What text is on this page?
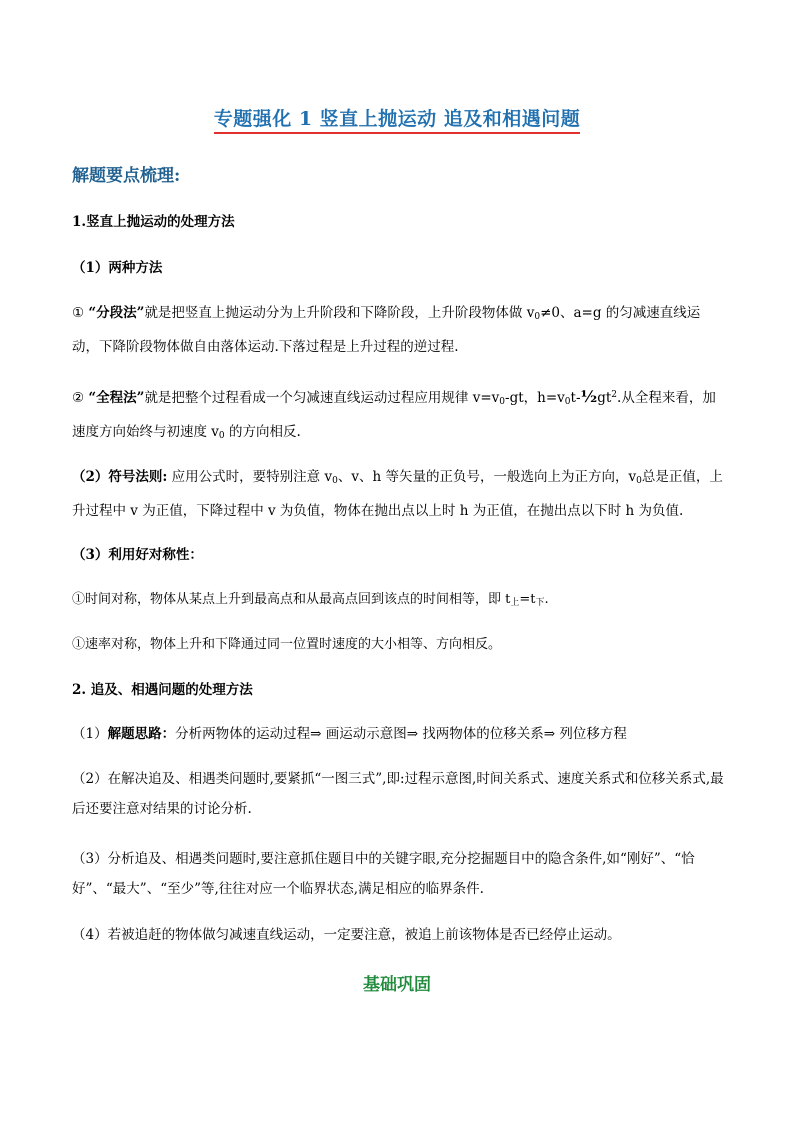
专题强化 1 竖直上抛运动 追及和相遇问题
解题要点梳理:
1.竖直上抛运动的处理方法
（1）两种方法
① “分段法”就是把竖直上抛运动分为上升阶段和下降阶段，上升阶段物体做 $v_0\ne 0$、a=g 的匀减速直线运动，下降阶段物体做自由落体运动.下落过程是上升过程的逆过程.
② “全程法”就是把整个过程看成一个匀减速直线运动过程应用规律 $v=v_0-gt$，$h=v_0t-\frac{1}{2}gt^2$.从全程来看，加速度方向始终与初速度 $v_0$ 的方向相反.
（2）符号法则: 应用公式时，要特别注意 $v_0$、v、h 等矢量的正负号，一般选向上为正方向，$v_0$总是正值，上升过程中 v 为正值，下降过程中 v 为负值，物体在抛出点以上时 h 为正值，在抛出点以下时 h 为负值.
（3）利用好对称性：
①时间对称，物体从某点上升到最高点和从最高点回到该点的时间相等，即 $t_上=t_下$.
①速率对称，物体上升和下降通过同一位置时速度的大小相等、方向相反。
2. 追及、相遇问题的处理方法
（1）解题思路：分析两物体的运动过程⇒ 画运动示意图⇒ 找两物体的位移关系⇒ 列位移方程
（2）在解决追及、相遇类问题时,要紧抓“一图三式”,即:过程示意图,时间关系式、速度关系式和位移关系式,最后还要注意对结果的讨论分析.
（3）分析追及、相遇类问题时,要注意抓住题目中的关键字眼,充分挖掘题目中的隐含条件,如“刚好”、“恰好”、“最大”、“至少”等,往往对应一个临界状态,满足相应的临界条件.
（4）若被追赶的物体做匀减速直线运动，一定要注意，被追上前该物体是否已经停止运动。
基础巩固
